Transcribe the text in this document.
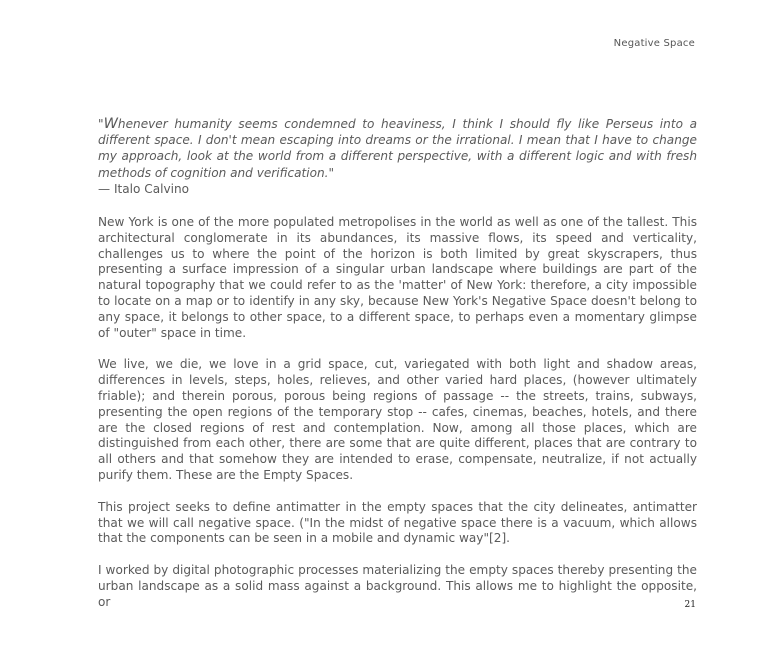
Negative Space

"Whenever humanity seems condemned to heaviness, I think I should fly like Perseus into a different space. I don't mean escaping into dreams or the irrational. I mean that I have to change my approach, look at the world from a different perspective, with a different logic and with fresh methods of cognition and verification."

— Italo Calvino

New York is one of the more populated metropolises in the world as well as one of the tallest. This architectural conglomerate in its abundances, its massive flows, its speed and verticality, challenges us to where the point of the horizon is both limited by great skyscrapers, thus presenting a surface impression of a singular urban landscape where buildings are part of the natural topography that we could refer to as the 'matter' of New York: therefore, a city impossible to locate on a map or to identify in any sky, because New York's Negative Space doesn't belong to any space, it belongs to other space, to a different space, to perhaps even a momentary glimpse of "outer" space in time.

We live, we die, we love in a grid space, cut, variegated with both light and shadow areas, differences in levels, steps, holes, relieves, and other varied hard places, (however ultimately friable); and therein porous, porous being regions of passage -- the streets, trains, subways, presenting the open regions of the temporary stop -- cafes, cinemas, beaches, hotels, and there are the closed regions of rest and contemplation. Now, among all those places, which are distinguished from each other, there are some that are quite different, places that are contrary to all others and that somehow they are intended to erase, compensate, neutralize, if not actually purify them. These are the Empty Spaces.

This project seeks to define antimatter in the empty spaces that the city delineates, antimatter that we will call negative space. ("In the midst of negative space there is a vacuum, which allows that the components can be seen in a mobile and dynamic way"[2].

I worked by digital photographic processes materializing the empty spaces thereby presenting the urban landscape as a solid mass against a background. This allows me to highlight the opposite, or	21
